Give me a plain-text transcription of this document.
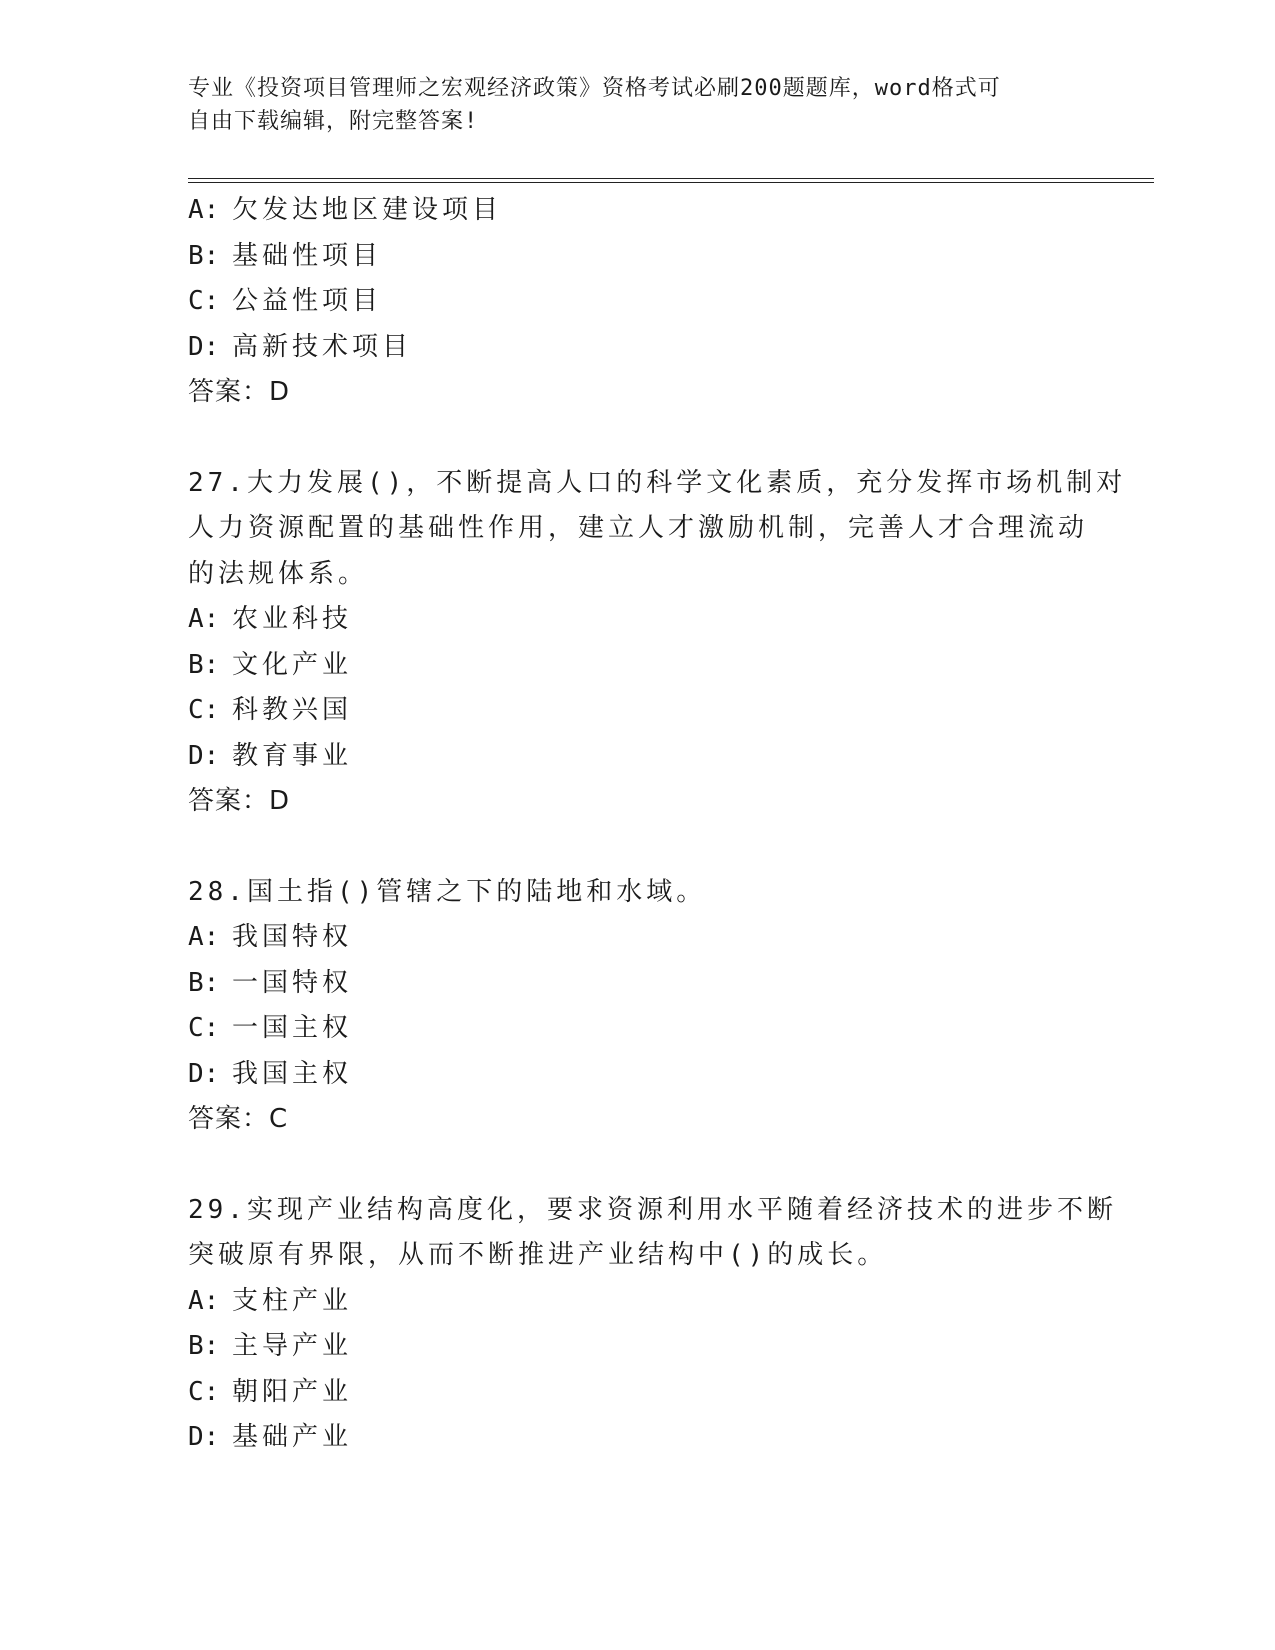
专业《投资项目管理师之宏观经济政策》资格考试必刷200题题库，word格式可
自由下载编辑，附完整答案!
A: 欠发达地区建设项目
B: 基础性项目
C: 公益性项目
D: 高新技术项目
答案：D
27.大力发展()，不断提高人口的科学文化素质，充分发挥市场机制对
人力资源配置的基础性作用，建立人才激励机制，完善人才合理流动
的法规体系。
A: 农业科技
B: 文化产业
C: 科教兴国
D: 教育事业
答案：D
28.国土指()管辖之下的陆地和水域。
A: 我国特权
B: 一国特权
C: 一国主权
D: 我国主权
答案：C
29.实现产业结构高度化，要求资源利用水平随着经济技术的进步不断
突破原有界限，从而不断推进产业结构中()的成长。
A: 支柱产业
B: 主导产业
C: 朝阳产业
D: 基础产业
